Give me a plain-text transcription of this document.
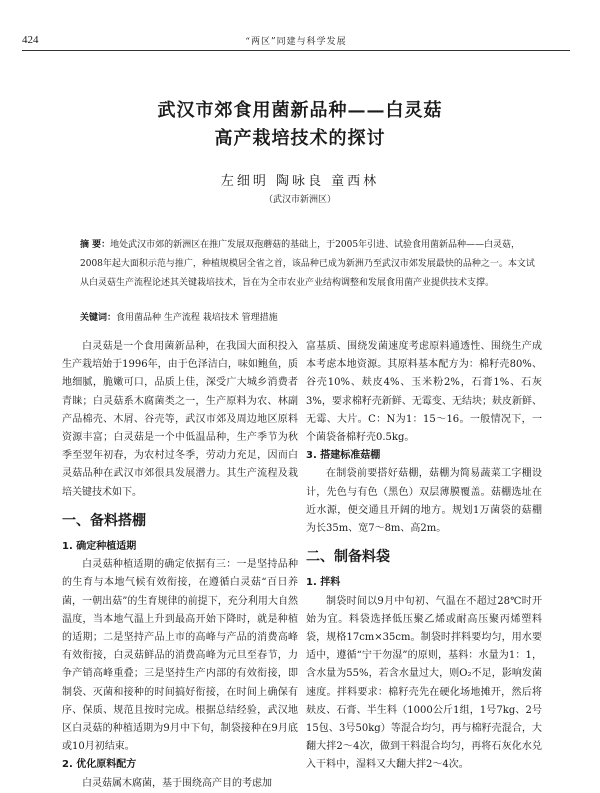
424	“两区”同建与科学发展
武汉市郊食用菌新品种——白灵菇
高产栽培技术的探讨
左细明 陶咏良 童西林
（武汉市新洲区）
摘 要：地处武汉市郊的新洲区在推广发展双孢蘑菇的基础上，于2005年引进、试验食用菌新品种——白灵菇，2008年起大面积示范与推广，种植规模居全省之首，该品种已成为新洲乃至武汉市郊发展最快的品种之一。本文试从白灵菇生产流程论述其关键栽培技术，旨在为全市农业产业结构调整和发展食用菌产业提供技术支撑。
关键词：食用菌品种 生产流程 栽培技术 管理措施

白灵菇是一个食用菌新品种，在我国大面积投入生产栽培始于1996年，由于色泽洁白，味如鲍鱼，质地细腻，脆嫩可口，品质上佳，深受广大城乡消费者青睐；白灵菇系木腐菌类之一，生产原料为农、林副产品棉壳、木屑、谷壳等，武汉市郊及周边地区原料资源丰富；白灵菇是一个中低温品种，生产季节为秋季至翌年初春，为农村过冬季，劳动力充足，因而白灵菇品种在武汉市郊很具发展潜力。其生产流程及栽培关键技术如下。

一、备料搭棚
1. 确定种植适期

白灵菇种植适期的确定依据有三：一是坚持品种的生育与本地气候有效衔接，在遵循白灵菇“百日养菌，一朝出菇”的生育规律的前提下，充分利用大自然温度，当本地气温上升到最高开始下降时，就是种植的适期；二是坚持产品上市的高峰与产品的消费高峰有效衔接，白灵菇鲜品的消费高峰为元旦至春节，力争产销高峰重叠；三是坚持生产内部的有效衔接，即制袋、灭菌和接种的时间搞好衔接，在时间上确保有序、保质、规范且按时完成。根据总结经验，武汉地区白灵菇的种植适期为9月中下旬，制袋接种在9月底或10月初结束。

2. 优化原料配方

白灵菇属木腐菌，基于围绕高产目的考虑加

富基质、围绕发菌速度考虑原料通透性、围绕生产成本考虑本地资源。其原料基本配方为：棉籽壳80%、谷壳10%、麸皮4%、玉米粉2%，石膏1%、石灰3%，要求棉籽壳新鲜、无霉变、无结块；麸皮新鲜、无霉、大片。C：N为1：15～16。一般情况下，一个菌袋备棉籽壳0.5kg。

3. 搭建标准菇棚

在制袋前要搭好菇棚，菇棚为简易蔬菜工字棚设计，先色与有色（黑色）双层薄膜覆盖。菇棚选址在近水源，便交通且开阔的地方。规划1万菌袋的菇棚为长35m、宽7～8m、高2m。

二、制备料袋
1. 拌料

制袋时间以9月中旬初、气温在不超过28℃时开始为宜。料袋选择低压聚乙烯或耐高压聚丙烯塑料袋，规格17cm×35cm。制袋时拌料要均匀，用水要适中，遵循“宁干勿湿”的原则，基料：水量为1：1，含水量为55%，若含水量过大，则O₂不足，影响发菌速度。拌料要求：棉籽壳先在硬化场地摊开，然后将麸皮、石膏、半生料（1000公斤1组，1号7kg、2号15包、3号50kg）等混合均匀，再与棉籽壳混合，大翻大拌2～4次，做到干料混合均匀，再将石灰化水兑入干料中，湿料又大翻大拌2～4次。
